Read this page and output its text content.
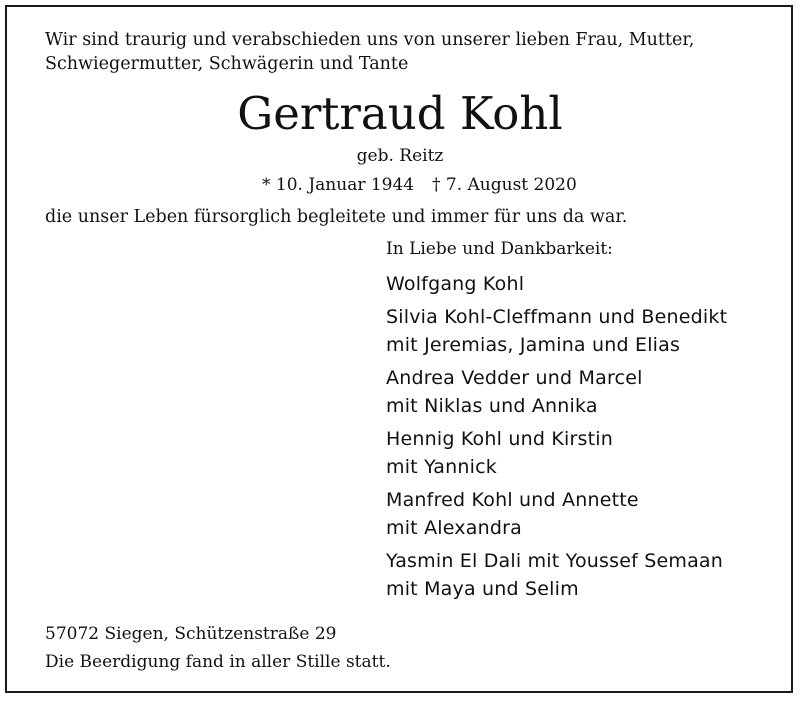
Wir sind traurig und verabschieden uns von unserer lieben Frau, Mutter,
Schwiegermutter, Schwägerin und Tante
Gertraud Kohl
geb. Reitz
* 10. Januar 1944 † 7. August 2020
die unser Leben fürsorglich begleitete und immer für uns da war.
In Liebe und Dankbarkeit:
Wolfgang Kohl
Silvia Kohl-Cleffmann und Benedikt
mit Jeremias, Jamina und Elias
Andrea Vedder und Marcel
mit Niklas und Annika
Hennig Kohl und Kirstin
mit Yannick
Manfred Kohl und Annette
mit Alexandra
Yasmin El Dali mit Youssef Semaan
mit Maya und Selim
57072 Siegen, Schützenstraße 29
Die Beerdigung fand in aller Stille statt.
